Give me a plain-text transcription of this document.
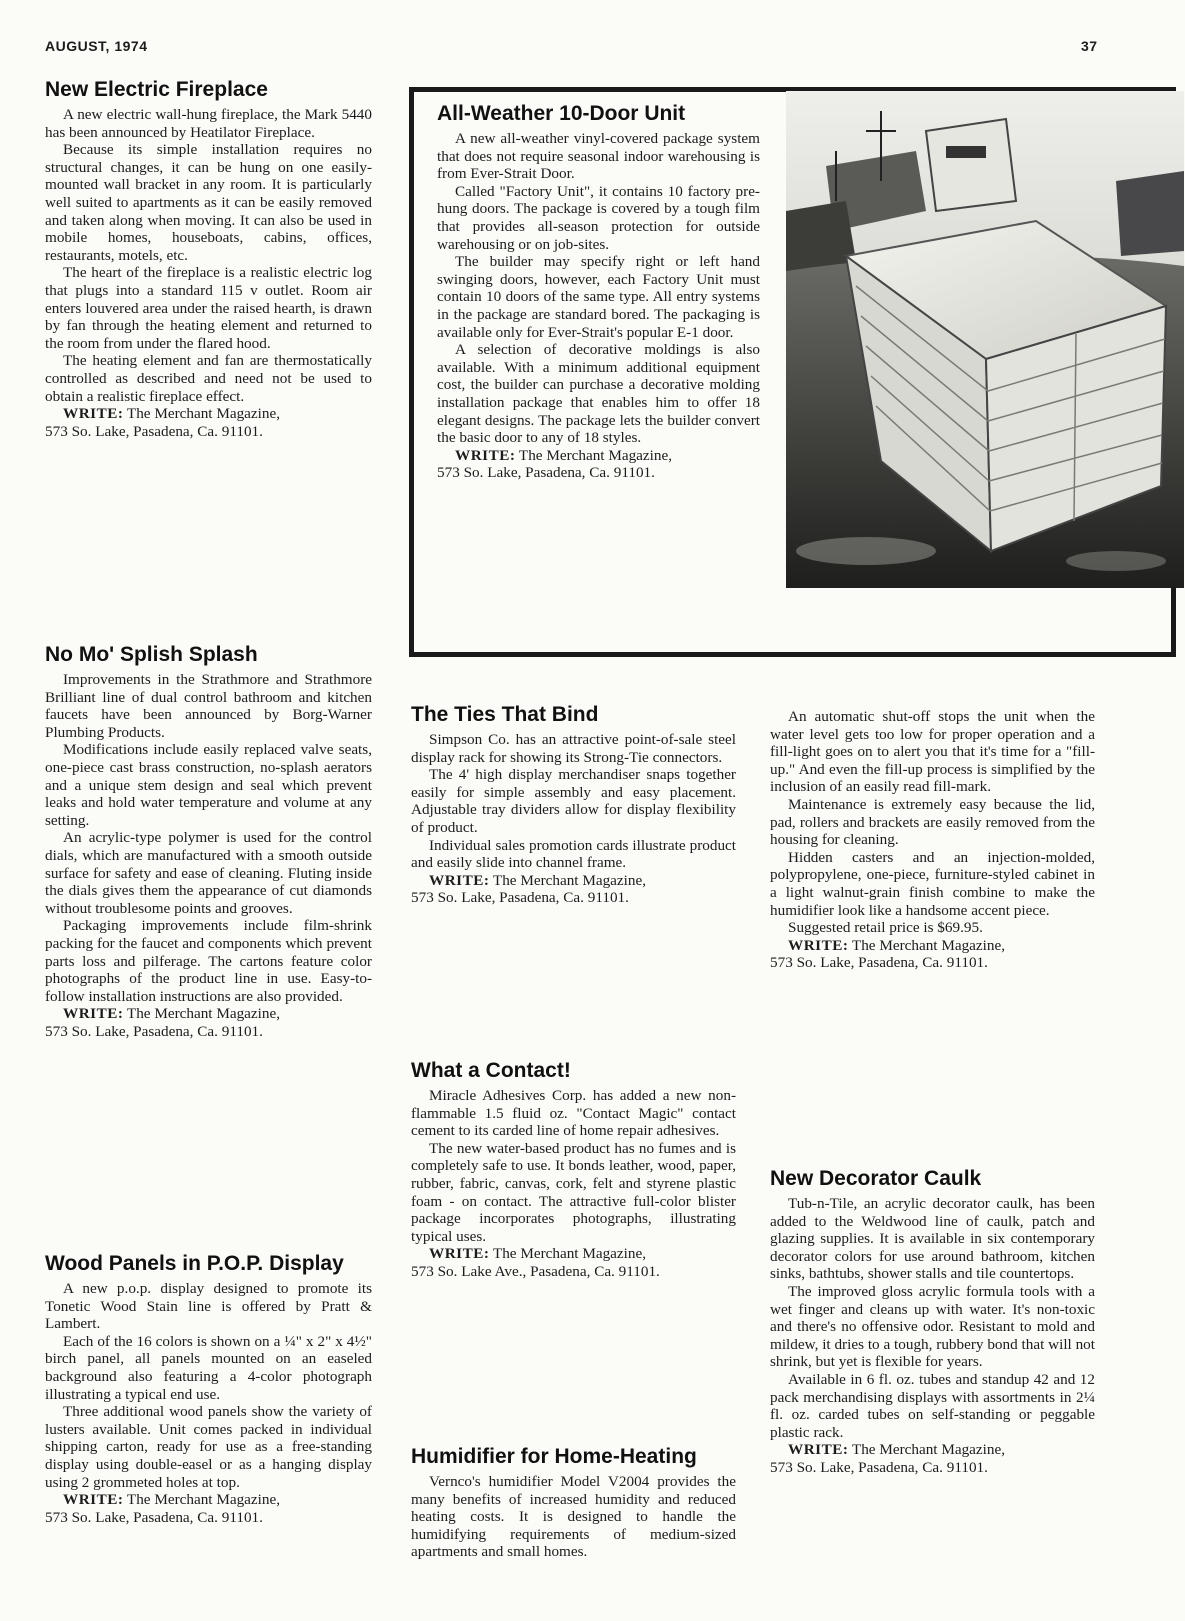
AUGUST, 1974	37
New Electric Fireplace

A new electric wall-hung fireplace, the Mark 5440 has been announced by Heatilator Fireplace.

Because its simple installation requires no structural changes, it can be hung on one easily-mounted wall bracket in any room. It is particularly well suited to apartments as it can be easily removed and taken along when moving. It can also be used in mobile homes, houseboats, cabins, offices, restaurants, motels, etc.

The heart of the fireplace is a realistic electric log that plugs into a standard 115 v outlet. Room air enters louvered area under the raised hearth, is drawn by fan through the heating element and returned to the room from under the flared hood.

The heating element and fan are thermostatically controlled as described and need not be used to obtain a realistic fireplace effect.

WRITE: The Merchant Magazine,
573 So. Lake, Pasadena, Ca. 91101.

All-Weather 10-Door Unit

A new all-weather vinyl-covered package system that does not require seasonal indoor warehousing is from Ever-Strait Door.

Called "Factory Unit", it contains 10 factory pre-hung doors. The package is covered by a tough film that provides all-season protection for outside warehousing or on job-sites.

The builder may specify right or left hand swinging doors, however, each Factory Unit must contain 10 doors of the same type. All entry systems in the package are standard bored. The packaging is available only for Ever-Strait's popular E-1 door.

A selection of decorative moldings is also available. With a minimum additional equipment cost, the builder can purchase a decorative molding installation package that enables him to offer 18 elegant designs. The package lets the builder convert the basic door to any of 18 styles.

WRITE: The Merchant Magazine,
573 So. Lake, Pasadena, Ca. 91101.

No Mo' Splish Splash

Improvements in the Strathmore and Strathmore Brilliant line of dual control bathroom and kitchen faucets have been announced by Borg-Warner Plumbing Products.

Modifications include easily replaced valve seats, one-piece cast brass construction, no-splash aerators and a unique stem design and seal which prevent leaks and hold water temperature and volume at any setting.

An acrylic-type polymer is used for the control dials, which are manufactured with a smooth outside surface for safety and ease of cleaning. Fluting inside the dials gives them the appearance of cut diamonds without troublesome points and grooves.

Packaging improvements include film-shrink packing for the faucet and components which prevent parts loss and pilferage. The cartons feature color photographs of the product line in use. Easy-to-follow installation instructions are also provided.

WRITE: The Merchant Magazine,
573 So. Lake, Pasadena, Ca. 91101.

Wood Panels in P.O.P. Display

A new p.o.p. display designed to promote its Tonetic Wood Stain line is offered by Pratt & Lambert.

Each of the 16 colors is shown on a ¼" x 2" x 4½" birch panel, all panels mounted on an easeled background also featuring a 4-color photograph illustrating a typical end use.

Three additional wood panels show the variety of lusters available. Unit comes packed in individual shipping carton, ready for use as a free-standing display using double-easel or as a hanging display using 2 grommeted holes at top.

WRITE: The Merchant Magazine,
573 So. Lake, Pasadena, Ca. 91101.

The Ties That Bind

Simpson Co. has an attractive point-of-sale steel display rack for showing its Strong-Tie connectors.

The 4' high display merchandiser snaps together easily for simple assembly and easy placement. Adjustable tray dividers allow for display flexibility of product.

Individual sales promotion cards illustrate product and easily slide into channel frame.

WRITE: The Merchant Magazine,
573 So. Lake, Pasadena, Ca. 91101.

What a Contact!

Miracle Adhesives Corp. has added a new non-flammable 1.5 fluid oz. "Contact Magic" contact cement to its carded line of home repair adhesives.

The new water-based product has no fumes and is completely safe to use. It bonds leather, wood, paper, rubber, fabric, canvas, cork, felt and styrene plastic foam - on contact. The attractive full-color blister package incorporates photographs, illustrating typical uses.

WRITE: The Merchant Magazine,
573 So. Lake Ave., Pasadena, Ca. 91101.

Humidifier for Home-Heating

Vernco's humidifier Model V2004 provides the many benefits of increased humidity and reduced heating costs. It is designed to handle the humidifying requirements of medium-sized apartments and small homes.

An automatic shut-off stops the unit when the water level gets too low for proper operation and a fill-light goes on to alert you that it's time for a "fill-up." And even the fill-up process is simplified by the inclusion of an easily read fill-mark.

Maintenance is extremely easy because the lid, pad, rollers and brackets are easily removed from the housing for cleaning.

Hidden casters and an injection-molded, polypropylene, one-piece, furniture-styled cabinet in a light walnut-grain finish combine to make the humidifier look like a handsome accent piece.

Suggested retail price is $69.95.

WRITE: The Merchant Magazine,
573 So. Lake, Pasadena, Ca. 91101.

New Decorator Caulk

Tub-n-Tile, an acrylic decorator caulk, has been added to the Weldwood line of caulk, patch and glazing supplies. It is available in six contemporary decorator colors for use around bathroom, kitchen sinks, bathtubs, shower stalls and tile countertops.

The improved gloss acrylic formula tools with a wet finger and cleans up with water. It's non-toxic and there's no offensive odor. Resistant to mold and mildew, it dries to a tough, rubbery bond that will not shrink, but yet is flexible for years.

Available in 6 fl. oz. tubes and standup 42 and 12 pack merchandising displays with assortments in 2¼ fl. oz. carded tubes on self-standing or peggable plastic rack.

WRITE: The Merchant Magazine,
573 So. Lake, Pasadena, Ca. 91101.
